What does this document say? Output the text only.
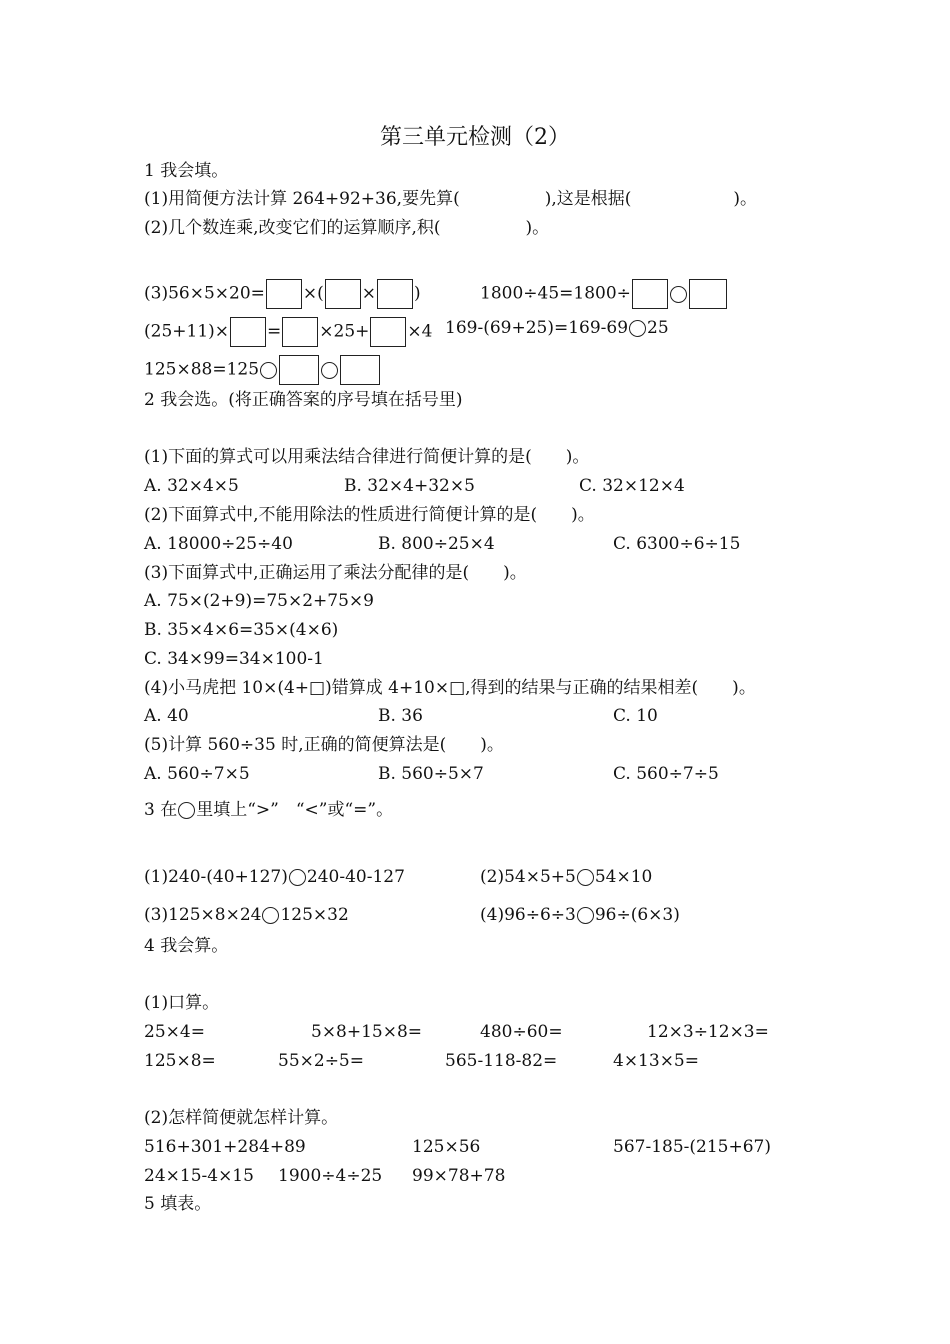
第三单元检测（2）
1 我会填。
(1)用简便方法计算 264+92+36,要先算(　　　　　),这是根据(　　　　　　)。
(2)几个数连乘,改变它们的运算顺序,积(　　　　　)。
(3)56×5×20= ×( × )	1800÷45=1800÷
(25+11)× = ×25+ ×4 169-(69+25)=169-69 25
125×88=125
2 我会选。(将正确答案的序号填在括号里)
(1)下面的算式可以用乘法结合律进行简便计算的是(　　)。
A. 32×4×5	B. 32×4+32×5	C. 32×12×4
(2)下面算式中,不能用除法的性质进行简便计算的是(　　)。
A. 18000÷25÷40	B. 800÷25×4	C. 6300÷6÷15
(3)下面算式中,正确运用了乘法分配律的是(　　)。
A. 75×(2+9)=75×2+75×9
B. 35×4×6=35×(4×6)
C. 34×99=34×100-1
(4)小马虎把 10×(4+□)错算成 4+10×□,得到的结果与正确的结果相差(　　)。
A. 40	B. 36	C. 10
(5)计算 560÷35 时,正确的简便算法是(　　)。
A. 560÷7×5	B. 560÷5×7	C. 560÷7÷5
3 在 里填上“>”　“<”或“=”。
(1)240-(40+127) 240-40-127	(2)54×5+5 54×10
(3)125×8×24 125×32	(4)96÷6÷3 96÷(6×3)
4 我会算。
(1)口算。
25×4=	5×8+15×8=	480÷60=	12×3÷12×3=
125×8=	55×2÷5=	565-118-82=	4×13×5=
(2)怎样简便就怎样计算。
516+301+284+89	125×56	567-185-(215+67)
24×15-4×15 1900÷4÷25 99×78+78
5 填表。
